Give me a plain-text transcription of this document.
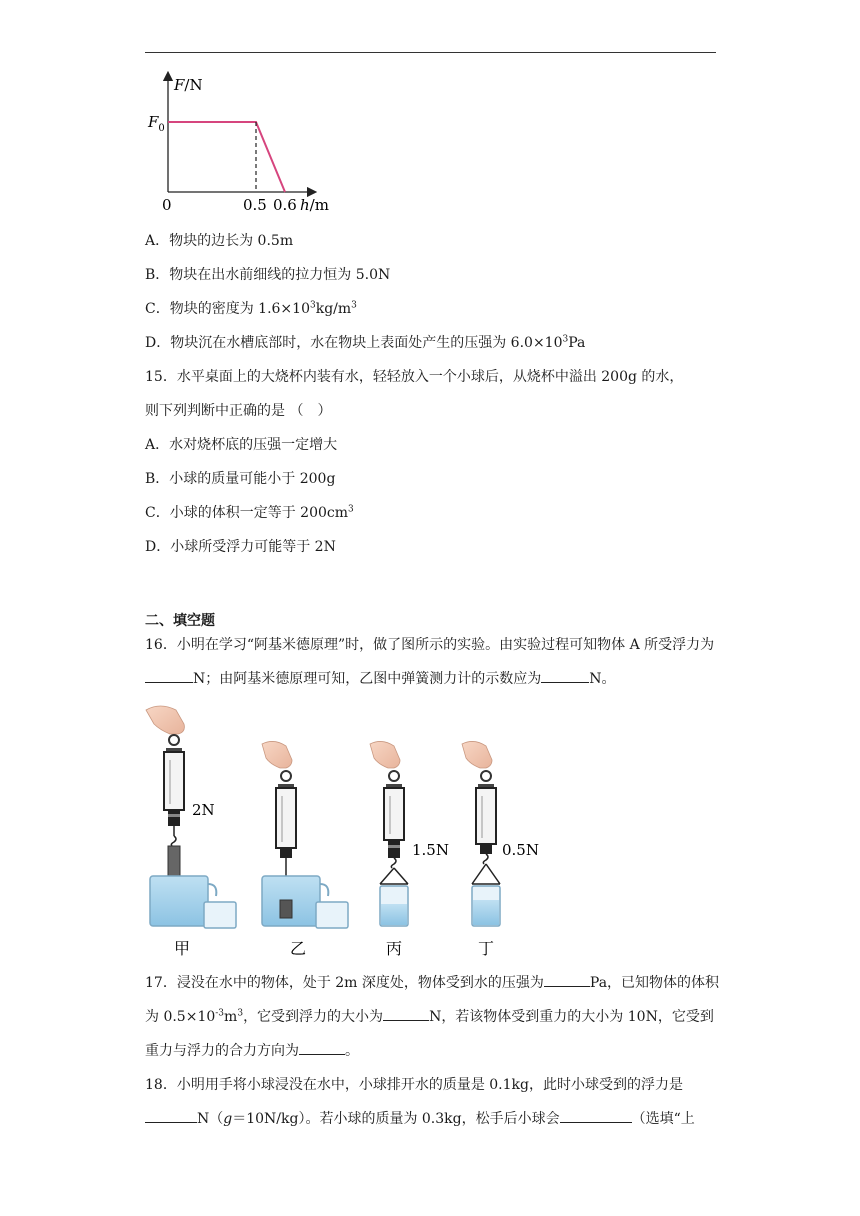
F/N
$F_0$
0	0.5 0.6 h/m
A．物块的边长为 0.5m
B．物块在出水前细线的拉力恒为 5.0N
C．物块的密度为 $1.6\times 10^3kg/m^3$
D．物块沉在水槽底部时，水在物块上表面处产生的压强为 $6.0\times 10^3Pa$
15．水平桌面上的大烧杯内装有水，轻轻放入一个小球后，从烧杯中溢出 200g 的水，
则下列判断中正确的是 （　）
A．水对烧杯底的压强一定增大
B．小球的质量可能小于 200g
C．小球的体积一定等于 $200cm^3$
D．小球所受浮力可能等于 2N
二、填空题
16．小明在学习“阿基米德原理”时，做了图所示的实验。由实验过程可知物体 A 所受浮力为N；由阿基米德原理可知，乙图中弹簧测力计的示数应为	N。
2N
1.5N	0.5N
甲	乙	丙	丁
17．浸没在水中的物体，处于 2m 深度处，物体受到水的压强为	Pa，已知物体的体积为 $0.5\times 10^{-3}m^3$，它受到浮力的大小为	N，若该物体受到重力的大小为 10N，它受到重力与浮力的合力方向为	。
18．小明用手将小球浸没在水中，小球排开水的质量是 0.1kg，此时小球受到的浮力是N（g＝10N/kg）。若小球的质量为 0.3kg，松手后小球会	（选填“上
